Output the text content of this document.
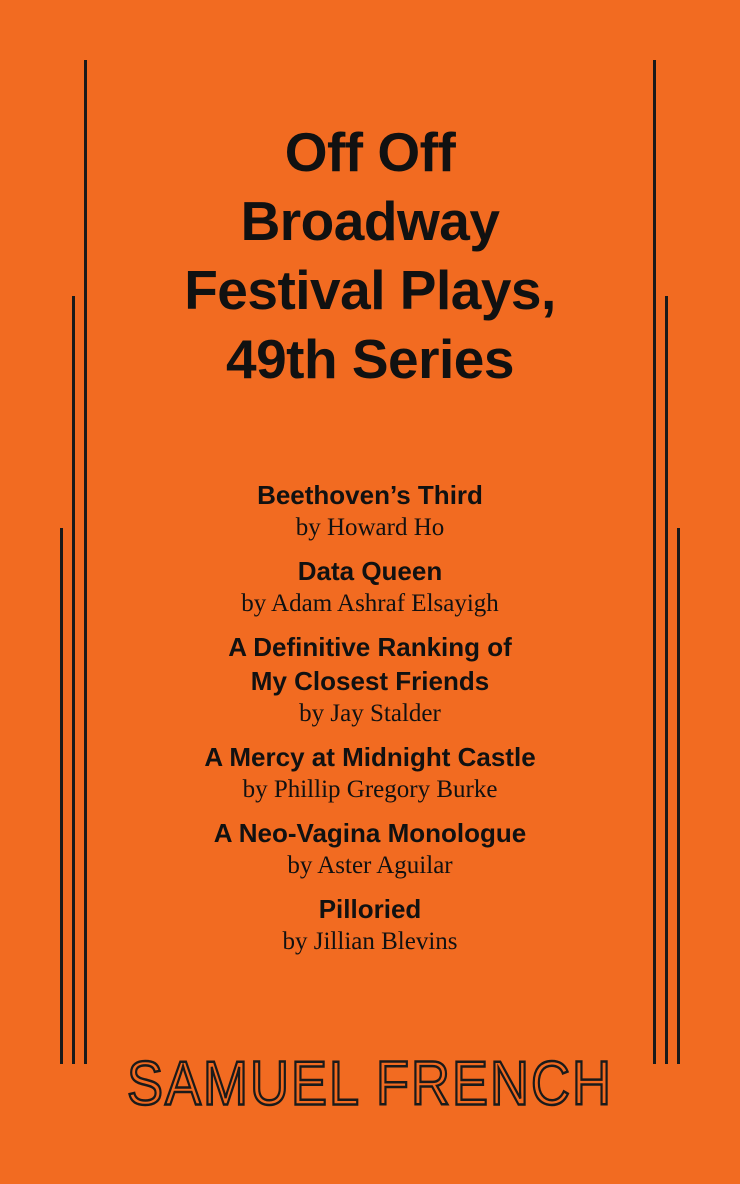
Off Off
Broadway
Festival Plays,
49th Series
Beethoven’s Third
by Howard Ho
Data Queen
by Adam Ashraf Elsayigh
A Definitive Ranking of
My Closest Friends
by Jay Stalder
A Mercy at Midnight Castle
by Phillip Gregory Burke
A Neo-Vagina Monologue
by Aster Aguilar
Pilloried
by Jillian Blevins
SAMUEL FRENCH
